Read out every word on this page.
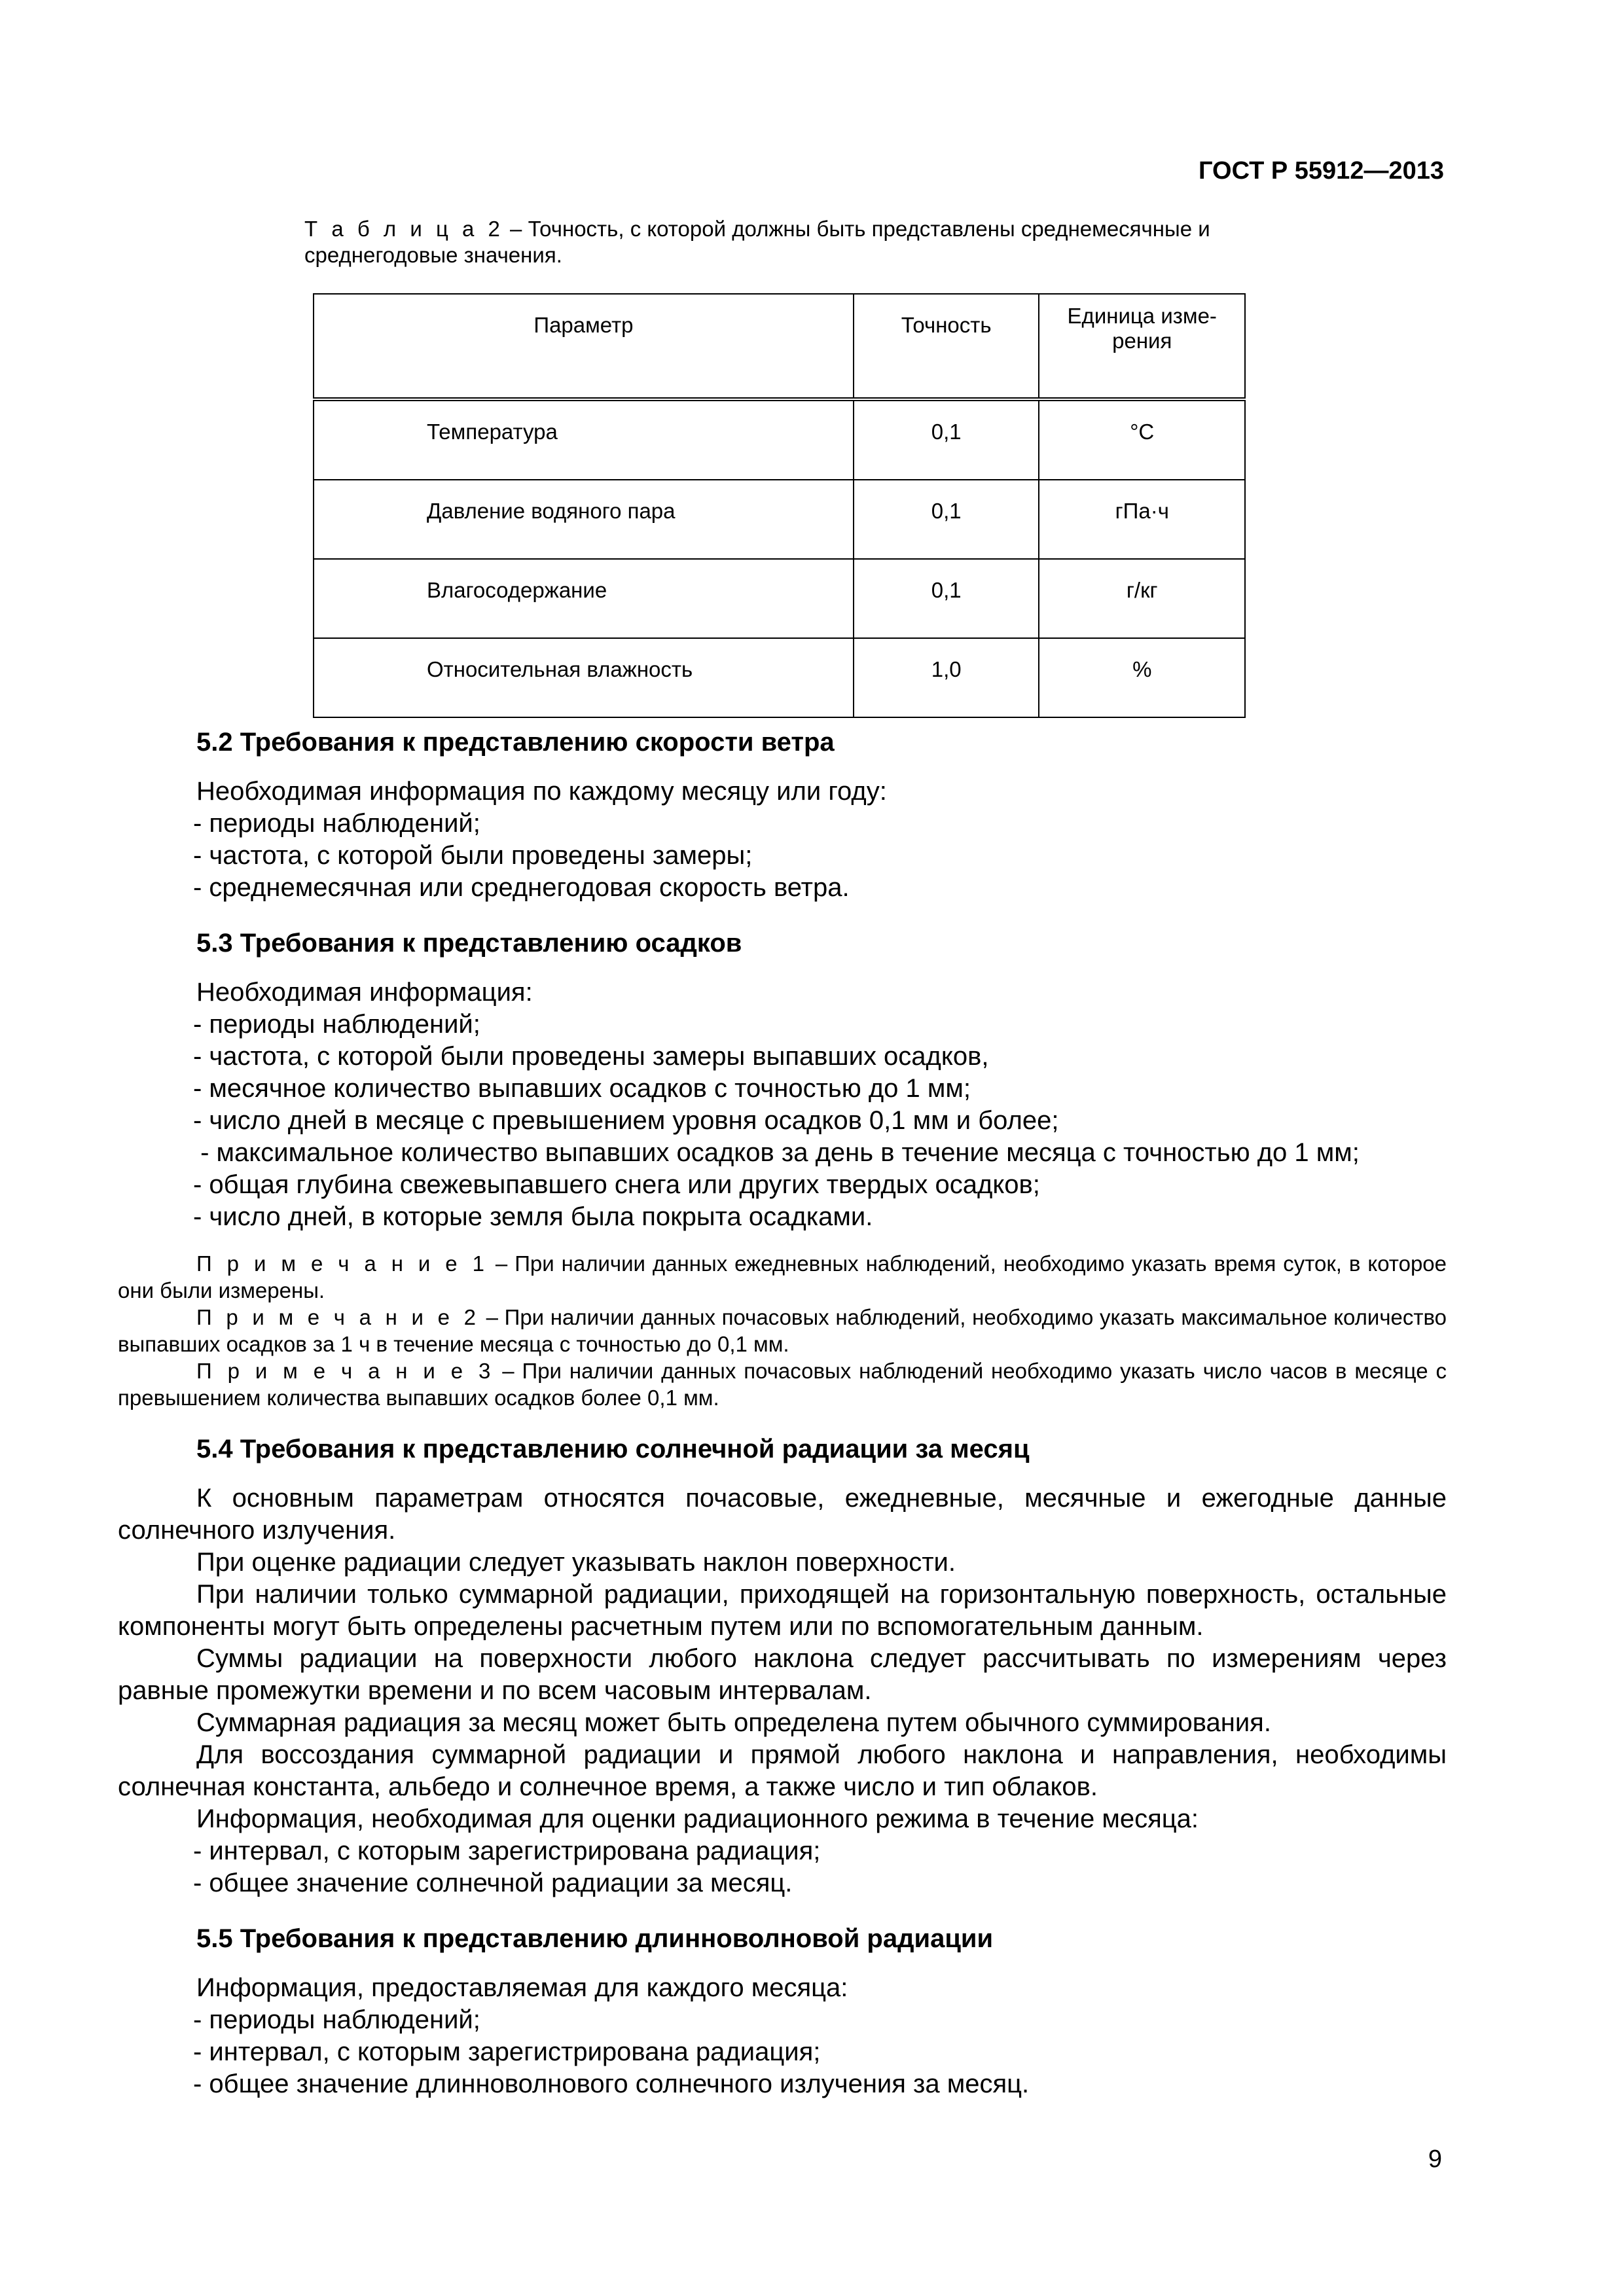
ГОСТ Р 55912—2013

Т а б л и ц а 2 – Точность, с которой должны быть представлены среднемесячные и среднегодовые значения.

Параметр	Точность	Единица изме-рения
Температура	0,1	°C
Давление водяного пара	0,1	гПа·ч
Влагосодержание	0,1	г/кг
Относительная влажность	1,0	%
5.2 Требования к представлению скорости ветра

Необходимая информация по каждому месяцу или году:

- периоды наблюдений;

- частота, с которой были проведены замеры;

- среднемесячная или среднегодовая скорость ветра.

5.3 Требования к представлению осадков

Необходимая информация:

- периоды наблюдений;

- частота, с которой были проведены замеры выпавших осадков,

- месячное количество выпавших осадков с точностью до 1 мм;

- число дней в месяце с превышением уровня осадков 0,1 мм и более;

- максимальное количество выпавших осадков за день в течение месяца с точностью до 1 мм;

- общая глубина свежевыпавшего снега или других твердых осадков;

- число дней, в которые земля была покрыта осадками.

П р и м е ч а н и е 1 – При наличии данных ежедневных наблюдений, необходимо указать время суток, в которое они были измерены.

П р и м е ч а н и е 2 – При наличии данных почасовых наблюдений, необходимо указать максимальное количество выпавших осадков за 1 ч в течение месяца с точностью до 0,1 мм.

П р и м е ч а н и е 3 – При наличии данных почасовых наблюдений необходимо указать число часов в месяце с превышением количества выпавших осадков более 0,1 мм.

5.4 Требования к представлению солнечной радиации за месяц

К основным параметрам относятся почасовые, ежедневные, месячные и ежегодные данные солнечного излучения.

При оценке радиации следует указывать наклон поверхности.

При наличии только суммарной радиации, приходящей на горизонтальную поверхность, остальные компоненты могут быть определены расчетным путем или по вспомогательным данным.

Суммы радиации на поверхности любого наклона следует рассчитывать по измерениям через равные промежутки времени и по всем часовым интервалам.

Суммарная радиация за месяц может быть определена путем обычного суммирования.

Для воссоздания суммарной радиации и прямой любого наклона и направления, необходимы солнечная константа, альбедо и солнечное время, а также число и тип облаков.

Информация, необходимая для оценки радиационного режима в течение месяца:

- интервал, с которым зарегистрирована радиация;

- общее значение солнечной радиации за месяц.

5.5 Требования к представлению длинноволновой радиации

Информация, предоставляемая для каждого месяца:

- периоды наблюдений;

- интервал, с которым зарегистрирована радиация;

- общее значение длинноволнового солнечного излучения за месяц.

9
